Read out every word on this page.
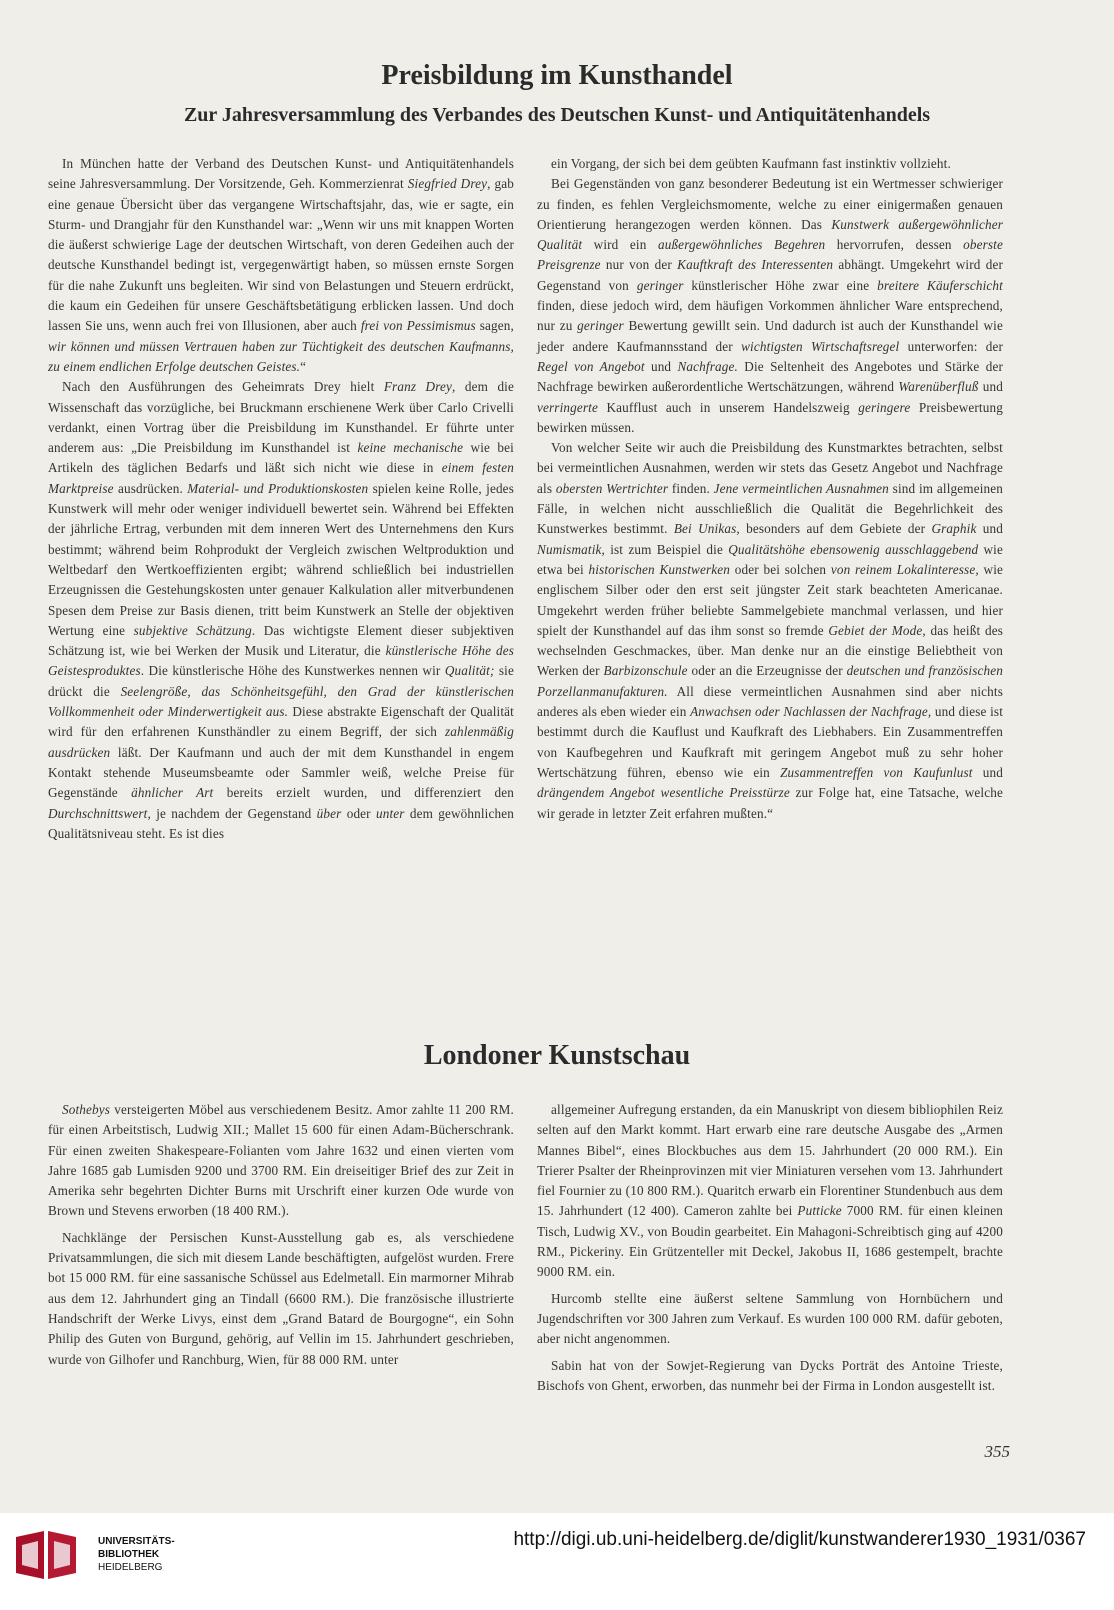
Preisbildung im Kunsthandel
Zur Jahresversammlung des Verbandes des Deutschen Kunst- und Antiquitätenhandels

In München hatte der Verband des Deutschen Kunst- und Antiquitätenhandels seine Jahresversammlung. Der Vorsitzende, Geh. Kommerzienrat Siegfried Drey, gab eine genaue Übersicht über das vergangene Wirtschaftsjahr, das, wie er sagte, ein Sturm- und Drangjahr für den Kunsthandel war: „Wenn wir uns mit knappen Worten die äußerst schwierige Lage der deutschen Wirtschaft, von deren Gedeihen auch der deutsche Kunsthandel bedingt ist, vergegenwärtigt haben, so müssen ernste Sorgen für die nahe Zukunft uns begleiten. Wir sind von Belastungen und Steuern erdrückt, die kaum ein Gedeihen für unsere Geschäftsbetätigung erblicken lassen. Und doch lassen Sie uns, wenn auch frei von Illusionen, aber auch frei von Pessimismus sagen, wir können und müssen Vertrauen haben zur Tüchtigkeit des deutschen Kaufmanns, zu einem endlichen Erfolge deutschen Geistes.“

Nach den Ausführungen des Geheimrats Drey hielt Franz Drey, dem die Wissenschaft das vorzügliche, bei Bruckmann erschienene Werk über Carlo Crivelli verdankt, einen Vortrag über die Preisbildung im Kunsthandel. Er führte unter anderem aus: „Die Preisbildung im Kunsthandel ist keine mechanische wie bei Artikeln des täglichen Bedarfs und läßt sich nicht wie diese in einem festen Marktpreise ausdrücken. Material- und Produktionskosten spielen keine Rolle, jedes Kunstwerk will mehr oder weniger individuell bewertet sein. Während bei Effekten der jährliche Ertrag, verbunden mit dem inneren Wert des Unternehmens den Kurs bestimmt; während beim Rohprodukt der Vergleich zwischen Weltproduktion und Weltbedarf den Wertkoeffizienten ergibt; während schließlich bei industriellen Erzeugnissen die Gestehungskosten unter genauer Kalkulation aller mitverbundenen Spesen dem Preise zur Basis dienen, tritt beim Kunstwerk an Stelle der objektiven Wertung eine subjektive Schätzung. Das wichtigste Element dieser subjektiven Schätzung ist, wie bei Werken der Musik und Literatur, die künstlerische Höhe des Geistesproduktes. Die künstlerische Höhe des Kunstwerkes nennen wir Qualität; sie drückt die Seelengröße, das Schönheitsgefühl, den Grad der künstlerischen Vollkommenheit oder Minderwertigkeit aus. Diese abstrakte Eigenschaft der Qualität wird für den erfahrenen Kunsthändler zu einem Begriff, der sich zahlenmäßig ausdrücken läßt. Der Kaufmann und auch der mit dem Kunsthandel in engem Kontakt stehende Museumsbeamte oder Sammler weiß, welche Preise für Gegenstände ähnlicher Art bereits erzielt wurden, und differenziert den Durchschnittswert, je nachdem der Gegenstand über oder unter dem gewöhnlichen Qualitätsniveau steht. Es ist dies

ein Vorgang, der sich bei dem geübten Kaufmann fast instinktiv vollzieht.

Bei Gegenständen von ganz besonderer Bedeutung ist ein Wertmesser schwieriger zu finden, es fehlen Vergleichsmomente, welche zu einer einigermaßen genauen Orientierung herangezogen werden können. Das Kunstwerk außergewöhnlicher Qualität wird ein außergewöhnliches Begehren hervorrufen, dessen oberste Preisgrenze nur von der Kauftkraft des Interessenten abhängt. Umgekehrt wird der Gegenstand von geringer künstlerischer Höhe zwar eine breitere Käuferschicht finden, diese jedoch wird, dem häufigen Vorkommen ähnlicher Ware entsprechend, nur zu geringer Bewertung gewillt sein. Und dadurch ist auch der Kunsthandel wie jeder andere Kaufmannsstand der wichtigsten Wirtschaftsregel unterworfen: der Regel von Angebot und Nachfrage. Die Seltenheit des Angebotes und Stärke der Nachfrage bewirken außerordentliche Wertschätzungen, während Warenüberfluß und verringerte Kaufflust auch in unserem Handelszweig geringere Preisbewertung bewirken müssen.

Von welcher Seite wir auch die Preisbildung des Kunstmarktes betrachten, selbst bei vermeintlichen Ausnahmen, werden wir stets das Gesetz Angebot und Nachfrage als obersten Wertrichter finden. Jene vermeintlichen Ausnahmen sind im allgemeinen Fälle, in welchen nicht ausschließlich die Qualität die Begehrlichkeit des Kunstwerkes bestimmt. Bei Unikas, besonders auf dem Gebiete der Graphik und Numismatik, ist zum Beispiel die Qualitätshöhe ebensowenig ausschlaggebend wie etwa bei historischen Kunstwerken oder bei solchen von reinem Lokalinteresse, wie englischem Silber oder den erst seit jüngster Zeit stark beachteten Americanae. Umgekehrt werden früher beliebte Sammelgebiete manchmal verlassen, und hier spielt der Kunsthandel auf das ihm sonst so fremde Gebiet der Mode, das heißt des wechselnden Geschmackes, über. Man denke nur an die einstige Beliebtheit von Werken der Barbizonschule oder an die Erzeugnisse der deutschen und französischen Porzellanmanufakturen. All diese vermeintlichen Ausnahmen sind aber nichts anderes als eben wieder ein Anwachsen oder Nachlassen der Nachfrage, und diese ist bestimmt durch die Kauflust und Kaufkraft des Liebhabers. Ein Zusammentreffen von Kaufbegehren und Kaufkraft mit geringem Angebot muß zu sehr hoher Wertschätzung führen, ebenso wie ein Zusammentreffen von Kaufunlust und drängendem Angebot wesentliche Preisstürze zur Folge hat, eine Tatsache, welche wir gerade in letzter Zeit erfahren mußten.“

Londoner Kunstschau

Sothebys versteigerten Möbel aus verschiedenem Besitz. Amor zahlte 11 200 RM. für einen Arbeitstisch, Ludwig XII.; Mallet 15 600 für einen Adam-Bücherschrank. Für einen zweiten Shakespeare-Folianten vom Jahre 1632 und einen vierten vom Jahre 1685 gab Lumisden 9200 und 3700 RM. Ein dreiseitiger Brief des zur Zeit in Amerika sehr begehrten Dichter Burns mit Urschrift einer kurzen Ode wurde von Brown und Stevens erworben (18 400 RM.).

Nachklänge der Persischen Kunst-Ausstellung gab es, als verschiedene Privatsammlungen, die sich mit diesem Lande beschäftigten, aufgelöst wurden. Frere bot 15 000 RM. für eine sassanische Schüssel aus Edelmetall. Ein marmorner Mihrab aus dem 12. Jahrhundert ging an Tindall (6600 RM.). Die französische illustrierte Handschrift der Werke Livys, einst dem „Grand Batard de Bourgogne“, ein Sohn Philip des Guten von Burgund, gehörig, auf Vellin im 15. Jahrhundert geschrieben, wurde von Gilhofer und Ranchburg, Wien, für 88 000 RM. unter

allgemeiner Aufregung erstanden, da ein Manuskript von diesem bibliophilen Reiz selten auf den Markt kommt. Hart erwarb eine rare deutsche Ausgabe des „Armen Mannes Bibel“, eines Blockbuches aus dem 15. Jahrhundert (20 000 RM.). Ein Trierer Psalter der Rheinprovinzen mit vier Miniaturen versehen vom 13. Jahrhundert fiel Fournier zu (10 800 RM.). Quaritch erwarb ein Florentiner Stundenbuch aus dem 15. Jahrhundert (12 400). Cameron zahlte bei Putticke 7000 RM. für einen kleinen Tisch, Ludwig XV., von Boudin gearbeitet. Ein Mahagoni-Schreibtisch ging auf 4200 RM., Pickeriny. Ein Grützenteller mit Deckel, Jakobus II, 1686 gestempelt, brachte 9000 RM. ein.

Hurcomb stellte eine äußerst seltene Sammlung von Hornbüchern und Jugendschriften vor 300 Jahren zum Verkauf. Es wurden 100 000 RM. dafür geboten, aber nicht angenommen.

Sabin hat von der Sowjet-Regierung van Dycks Porträt des Antoine Trieste, Bischofs von Ghent, erworben, das nunmehr bei der Firma in London ausgestellt ist.

355
UNIVERSITÄTS-
BIBLIOTHEK
HEIDELBERG
http://digi.ub.uni-heidelberg.de/diglit/kunstwanderer1930_1931/0367
